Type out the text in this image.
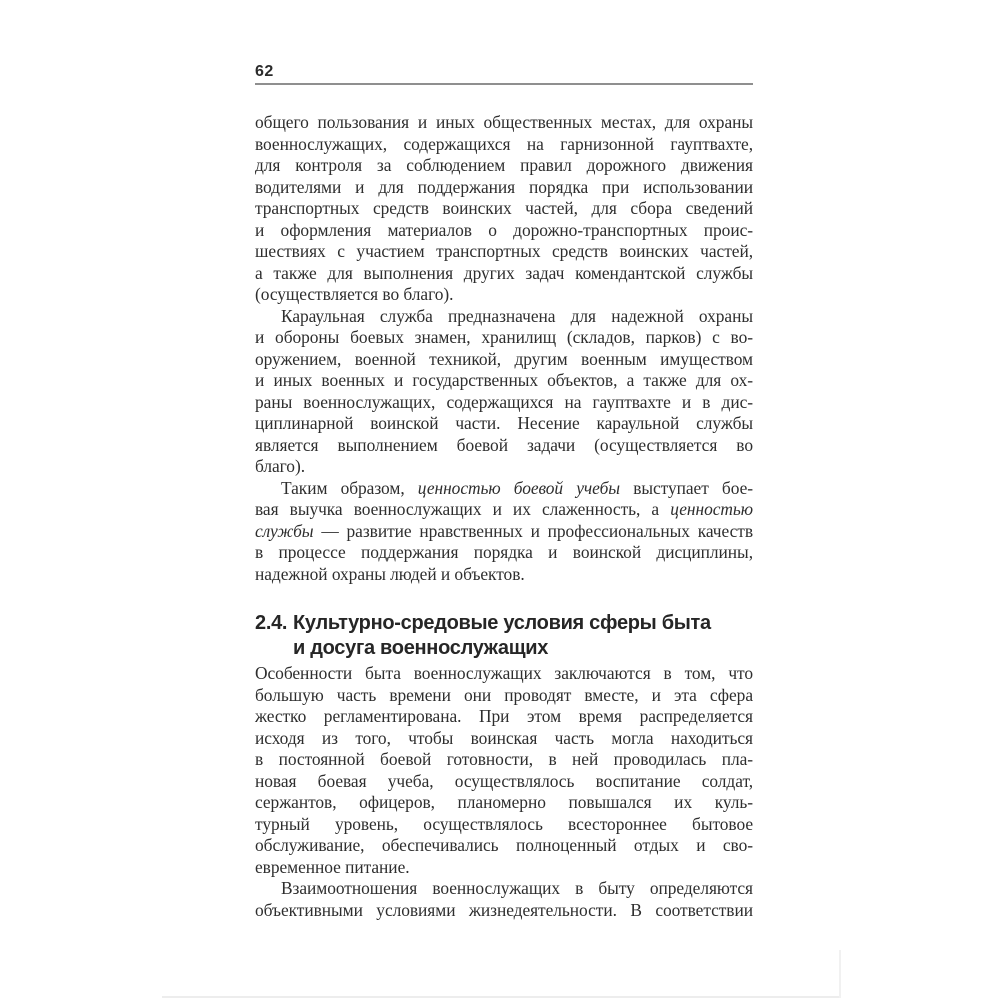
62
общего пользования и иных общественных местах, для охраны
военнослужащих, содержащихся на гарнизонной гауптвахте,
для контроля за соблюдением правил дорожного движения
водителями и для поддержания порядка при использовании
транспортных средств воинских частей, для сбора сведений
и оформления материалов о дорожно-транспортных проис-
шествиях с участием транспортных средств воинских частей,
а также для выполнения других задач комендантской службы
(осуществляется во благо).
Караульная служба предназначена для надежной охраны
и обороны боевых знамен, хранилищ (складов, парков) с во-
оружением, военной техникой, другим военным имуществом
и иных военных и государственных объектов, а также для ох-
раны военнослужащих, содержащихся на гауптвахте и в дис-
циплинарной воинской части. Несение караульной службы
является выполнением боевой задачи (осуществляется во
благо).
Таким образом, ценностью боевой учебы выступает бое-
вая выучка военнослужащих и их слаженность, а ценностью
службы — развитие нравственных и профессиональных качеств
в процессе поддержания порядка и воинской дисциплины,
надежной охраны людей и объектов.
2.4. Культурно-средовые условия сферы быта
и досуга военнослужащих
Особенности быта военнослужащих заключаются в том, что
большую часть времени они проводят вместе, и эта сфера
жестко регламентирована. При этом время распределяется
исходя из того, чтобы воинская часть могла находиться
в постоянной боевой готовности, в ней проводилась пла-
новая боевая учеба, осуществлялось воспитание солдат,
сержантов, офицеров, планомерно повышался их куль-
турный уровень, осуществлялось всестороннее бытовое
обслуживание, обеспечивались полноценный отдых и сво-
евременное питание.
Взаимоотношения военнослужащих в быту определяются
объективными условиями жизнедеятельности. В соответствии
